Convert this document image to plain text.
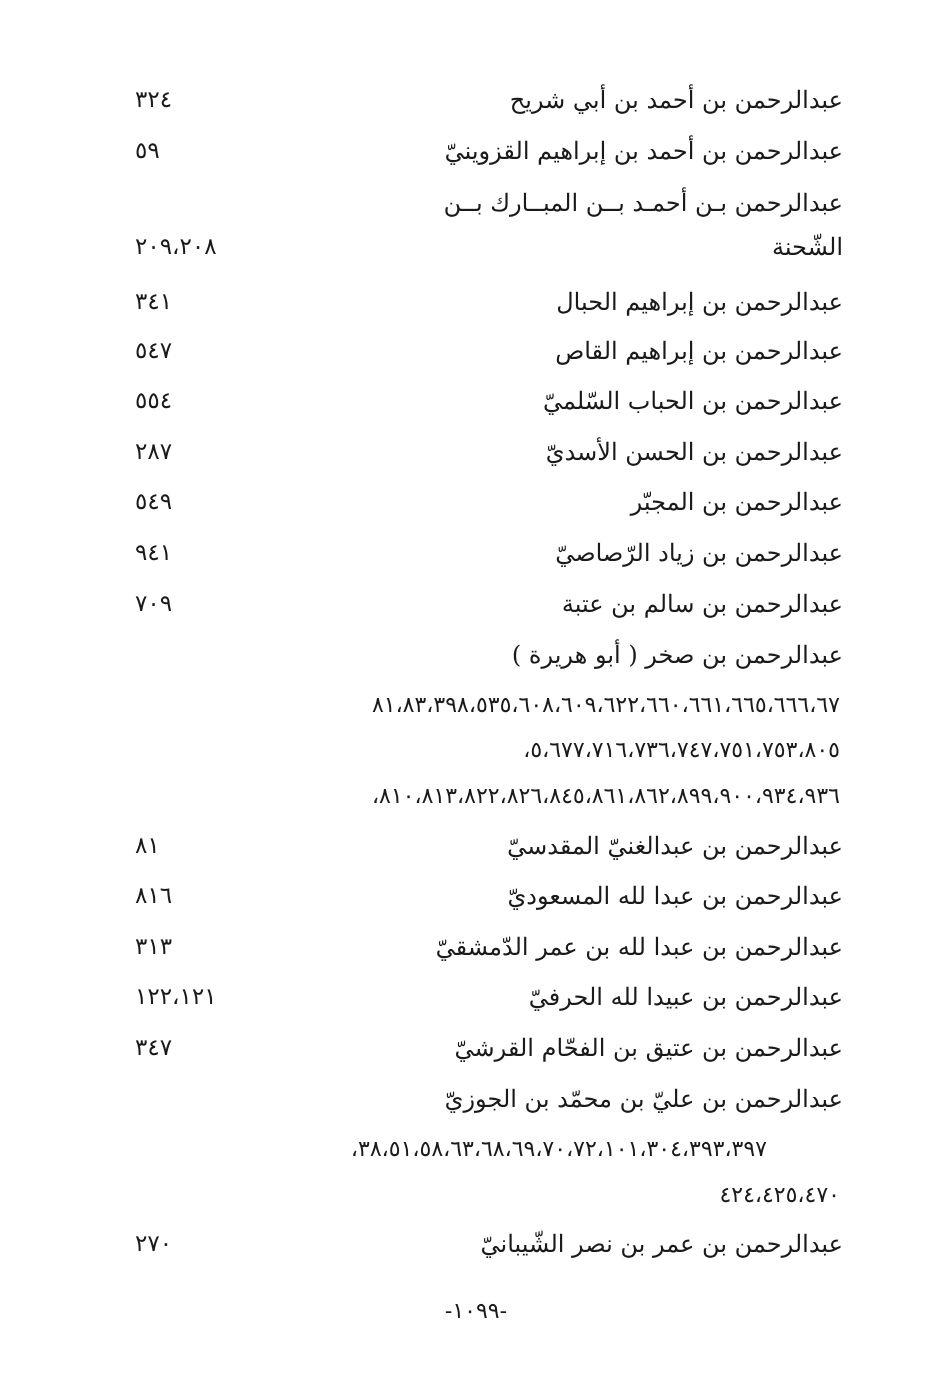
عبدالرحمن بن أحمد بن أبي شريح
٣٢٤
عبدالرحمن بن أحمد بن إبراهيم القزوينيّ
٥٩
عبدالرحمن بـن أحمـد بــن المبــارك بــن
الشّحنة
٢٠٩،٢٠٨
عبدالرحمن بن إبراهيم الحبال
٣٤١
عبدالرحمن بن إبراهيم القاص
٥٤٧
عبدالرحمن بن الحباب السّلميّ
٥٥٤
عبدالرحمن بن الحسن الأسديّ
٢٨٧
عبدالرحمن بن المجبّر
٥٤٩
عبدالرحمن بن زياد الرّصاصيّ
٩٤١
عبدالرحمن بن سالم بن عتبة
٧٠٩
عبدالرحمن بن صخر ( أبو هريرة )
٨١،٨٣،٣٩٨،٥٣٥،٦٠٨،٦٠٩،٦٢٢،٦٦٠،٦٦١،٦٦٥،٦٦٦،٦٧
٥،٦٧٧،٧١٦،٧٣٦،٧٤٧،٧٥١،٧٥٣،٨٠٥،
٨١٠،٨١٣،٨٢٢،٨٢٦،٨٤٥،٨٦١،٨٦٢،٨٩٩،٩٠٠،٩٣٤،٩٣٦،
عبدالرحمن بن عبدالغنيّ المقدسيّ
٨١
عبدالرحمن بن عبدا لله المسعوديّ
٨١٦
عبدالرحمن بن عبدا لله بن عمر الدّمشقيّ
٣١٣
عبدالرحمن بن عبيدا لله الحرفيّ
١٢٢،١٢١
عبدالرحمن بن عتيق بن الفحّام القرشيّ
٣٤٧
عبدالرحمن بن عليّ بن محمّد بن الجوزيّ
٣٨،٥١،٥٨،٦٣،٦٨،٦٩،٧٠،٧٢،١٠١،٣٠٤،٣٩٣،٣٩٧،
٤٢٤،٤٢٥،٤٧٠
عبدالرحمن بن عمر بن نصر الشّيبانيّ
٢٧٠
-١٠٩٩-
